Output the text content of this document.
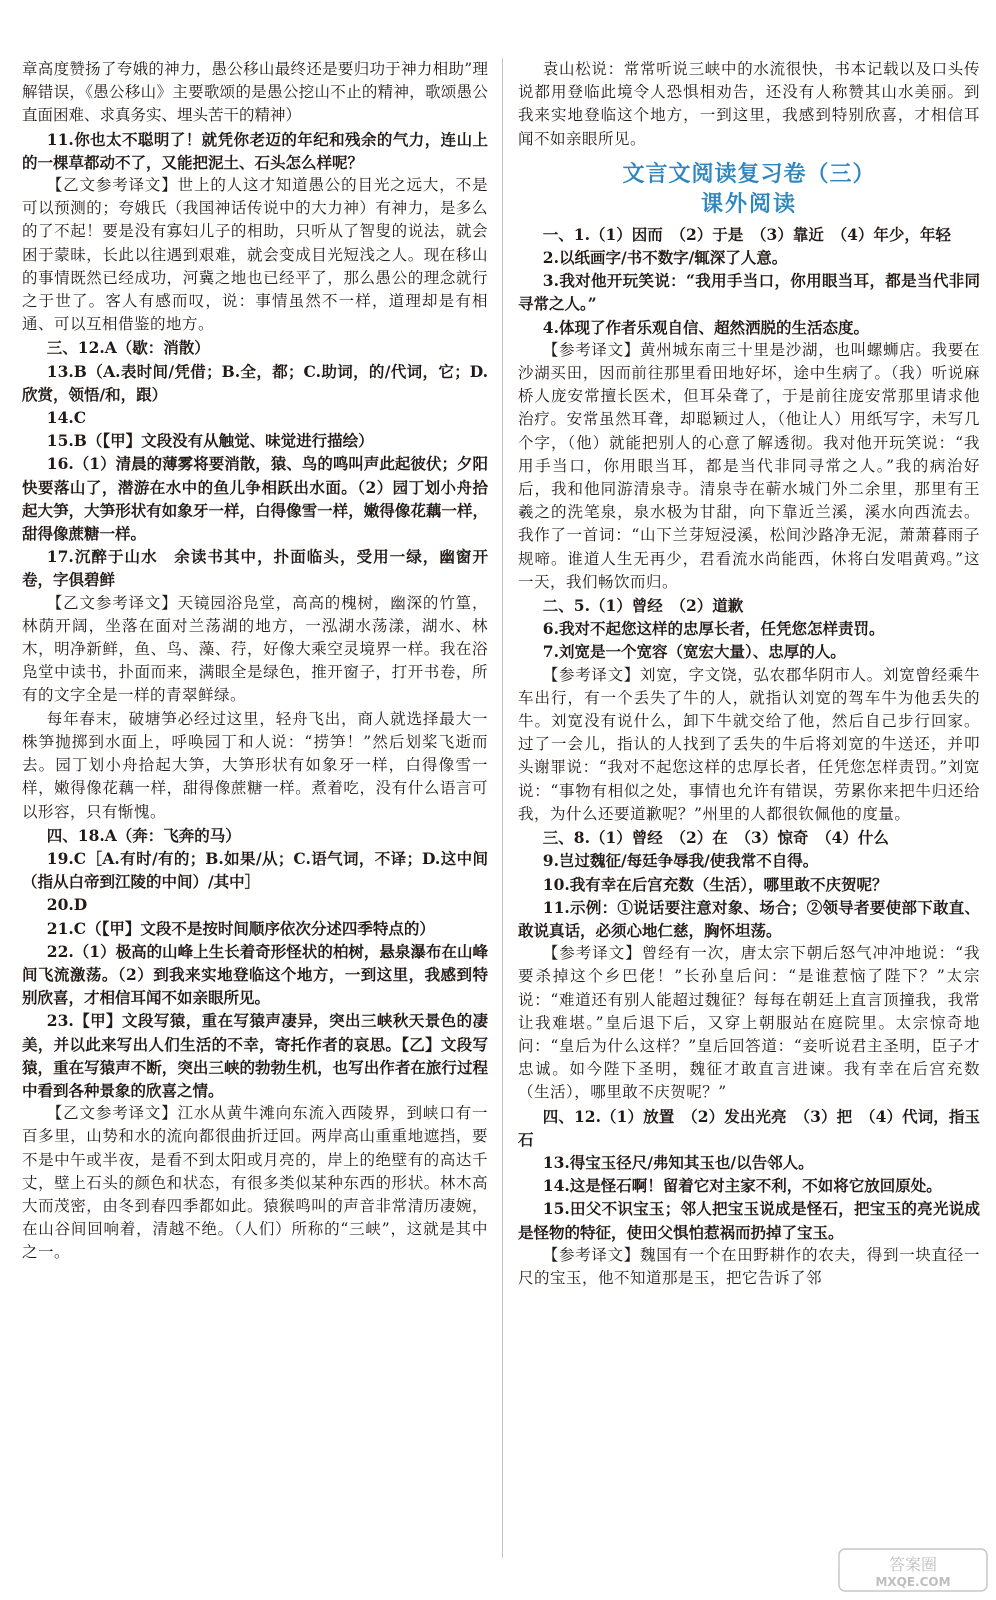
章高度赞扬了夸娥的神力，愚公移山最终还是要归功于神力相助”理解错误，《愚公移山》主要歌颂的是愚公挖山不止的精神，歌颂愚公直面困难、求真务实、埋头苦干的精神）

11.你也太不聪明了！就凭你老迈的年纪和残余的气力，连山上的一棵草都动不了，又能把泥土、石头怎么样呢？

【乙文参考译文】世上的人这才知道愚公的目光之远大，不是可以预测的；夸娥氏（我国神话传说中的大力神）有神力，是多么的了不起！要是没有寡妇儿子的相助，只听从了智叟的说法，就会困于蒙昧，长此以往遇到艰难，就会变成目光短浅之人。现在移山的事情既然已经成功，河冀之地也已经平了，那么愚公的理念就行之于世了。客人有感而叹，说：事情虽然不一样，道理却是有相通、可以互相借鉴的地方。

三、12.A（歇：消散）

13.B（A.表时间/凭借；B.全，都；C.助词，的/代词，它；D.欣赏，领悟/和，跟）

14.C

15.B（【甲】文段没有从触觉、味觉进行描绘）

16.（1）清晨的薄雾将要消散，猿、鸟的鸣叫声此起彼伏；夕阳快要落山了，潜游在水中的鱼儿争相跃出水面。（2）园丁划小舟拾起大笋，大笋形状有如象牙一样，白得像雪一样，嫩得像花藕一样，甜得像蔗糖一样。

17.沉醉于山水　余读书其中，扑面临头，受用一绿，幽窗开卷，字俱碧鲜

【乙文参考译文】天镜园浴凫堂，高高的槐树，幽深的竹篁，林荫开阔，坐落在面对兰荡湖的地方，一泓湖水荡漾，湖水、林木，明净新鲜，鱼、鸟、藻、荇，好像大乘空灵境界一样。我在浴凫堂中读书，扑面而来，满眼全是绿色，推开窗子，打开书卷，所有的文字全是一样的青翠鲜绿。

每年春末，破塘笋必经过这里，轻舟飞出，商人就选择最大一株笋抛掷到水面上，呼唤园丁和人说：“捞笋！”然后划桨飞逝而去。园丁划小舟拾起大笋，大笋形状有如象牙一样，白得像雪一样，嫩得像花藕一样，甜得像蔗糖一样。煮着吃，没有什么语言可以形容，只有惭愧。

四、18.A（奔：飞奔的马）

19.C［A.有时/有的；B.如果/从；C.语气词，不译；D.这中间（指从白帝到江陵的中间）/其中］

20.D

21.C（【甲】文段不是按时间顺序依次分述四季特点的）

22.（1）极高的山峰上生长着奇形怪状的柏树，悬泉瀑布在山峰间飞流激荡。（2）到我来实地登临这个地方，一到这里，我感到特别欣喜，才相信耳闻不如亲眼所见。

23.【甲】文段写猿，重在写猿声凄异，突出三峡秋天景色的凄美，并以此来写出人们生活的不幸，寄托作者的哀思。【乙】文段写猿，重在写猿声不断，突出三峡的勃勃生机，也写出作者在旅行过程中看到各种景象的欣喜之情。

【乙文参考译文】江水从黄牛滩向东流入西陵界，到峡口有一百多里，山势和水的流向都很曲折迂回。两岸高山重重地遮挡，要不是中午或半夜，是看不到太阳或月亮的，岸上的绝壁有的高达千丈，壁上石头的颜色和状态，有很多类似某种东西的形状。林木高大而茂密，由冬到春四季都如此。猿猴鸣叫的声音非常清历凄婉，在山谷间回响着，清越不绝。（人们）所称的“三峡”，这就是其中之一。

袁山松说：常常听说三峡中的水流很快，书本记载以及口头传说都用登临此境令人恐惧相劝告，还没有人称赞其山水美丽。到我来实地登临这个地方，一到这里，我感到特别欣喜，才相信耳闻不如亲眼所见。

文言文阅读复习卷（三）
课外阅读

一、1.（1）因而　（2）于是　（3）靠近　（4）年少，年轻

2.以纸画字/书不数字/辄深了人意。

3.我对他开玩笑说：“我用手当口，你用眼当耳，都是当代非同寻常之人。”

4.体现了作者乐观自信、超然洒脱的生活态度。

【参考译文】黄州城东南三十里是沙湖，也叫螺蛳店。我要在沙湖买田，因而前往那里看田地好坏，途中生病了。（我）听说麻桥人庞安常擅长医术，但耳朵聋了，于是前往庞安常那里请求他治疗。安常虽然耳聋，却聪颖过人，（他让人）用纸写字，未写几个字，（他）就能把别人的心意了解透彻。我对他开玩笑说：“我用手当口，你用眼当耳，都是当代非同寻常之人。”我的病治好后，我和他同游清泉寺。清泉寺在蕲水城门外二余里，那里有王羲之的洗笔泉，泉水极为甘甜，向下靠近兰溪，溪水向西流去。我作了一首词：“山下兰芽短浸溪，松间沙路净无泥，萧萧暮雨子规啼。谁道人生无再少，君看流水尚能西，休将白发唱黄鸡。”这一天，我们畅饮而归。

二、5.（1）曾经　（2）道歉

6.我对不起您这样的忠厚长者，任凭您怎样责罚。

7.刘宽是一个宽容（宽宏大量）、忠厚的人。

【参考译文】刘宽，字文饶，弘农郡华阴市人。刘宽曾经乘牛车出行，有一个丢失了牛的人，就指认刘宽的驾车牛为他丢失的牛。刘宽没有说什么，卸下牛就交给了他，然后自己步行回家。过了一会儿，指认的人找到了丢失的牛后将刘宽的牛送还，并叩头谢罪说：“我对不起您这样的忠厚长者，任凭您怎样责罚。”刘宽说：“事物有相似之处，事情也允许有错误，劳累你来把牛归还给我，为什么还要道歉呢？”州里的人都很钦佩他的度量。

三、8.（1）曾经　（2）在　（3）惊奇　（4）什么

9.岂过魏征/每廷争辱我/使我常不自得。

10.我有幸在后宫充数（生活），哪里敢不庆贺呢？

11.示例：①说话要注意对象、场合；②领导者要使部下敢直、敢说真话，必须心地仁慈，胸怀坦荡。

【参考译文】曾经有一次，唐太宗下朝后怒气冲冲地说：“我要杀掉这个乡巴佬！”长孙皇后问：“是谁惹恼了陛下？”太宗说：“难道还有别人能超过魏征？每每在朝廷上直言顶撞我，我常让我难堪。”皇后退下后，又穿上朝服站在庭院里。太宗惊奇地问：“皇后为什么这样？”皇后回答道：“妾听说君主圣明，臣子才忠诚。如今陛下圣明，魏征才敢直言进谏。我有幸在后宫充数（生活），哪里敢不庆贺呢？”

四、12.（1）放置　（2）发出光亮　（3）把　（4）代词，指玉石

13.得宝玉径尺/弗知其玉也/以告邻人。

14.这是怪石啊！留着它对主家不利，不如将它放回原处。

15.田父不识宝玉；邻人把宝玉说成是怪石，把宝玉的亮光说成是怪物的特征，使田父惧怕惹祸而扔掉了宝玉。

【参考译文】魏国有一个在田野耕作的农夫，得到一块直径一尺的宝玉，他不知道那是玉，把它告诉了邻

答案圈
MXQE.COM
